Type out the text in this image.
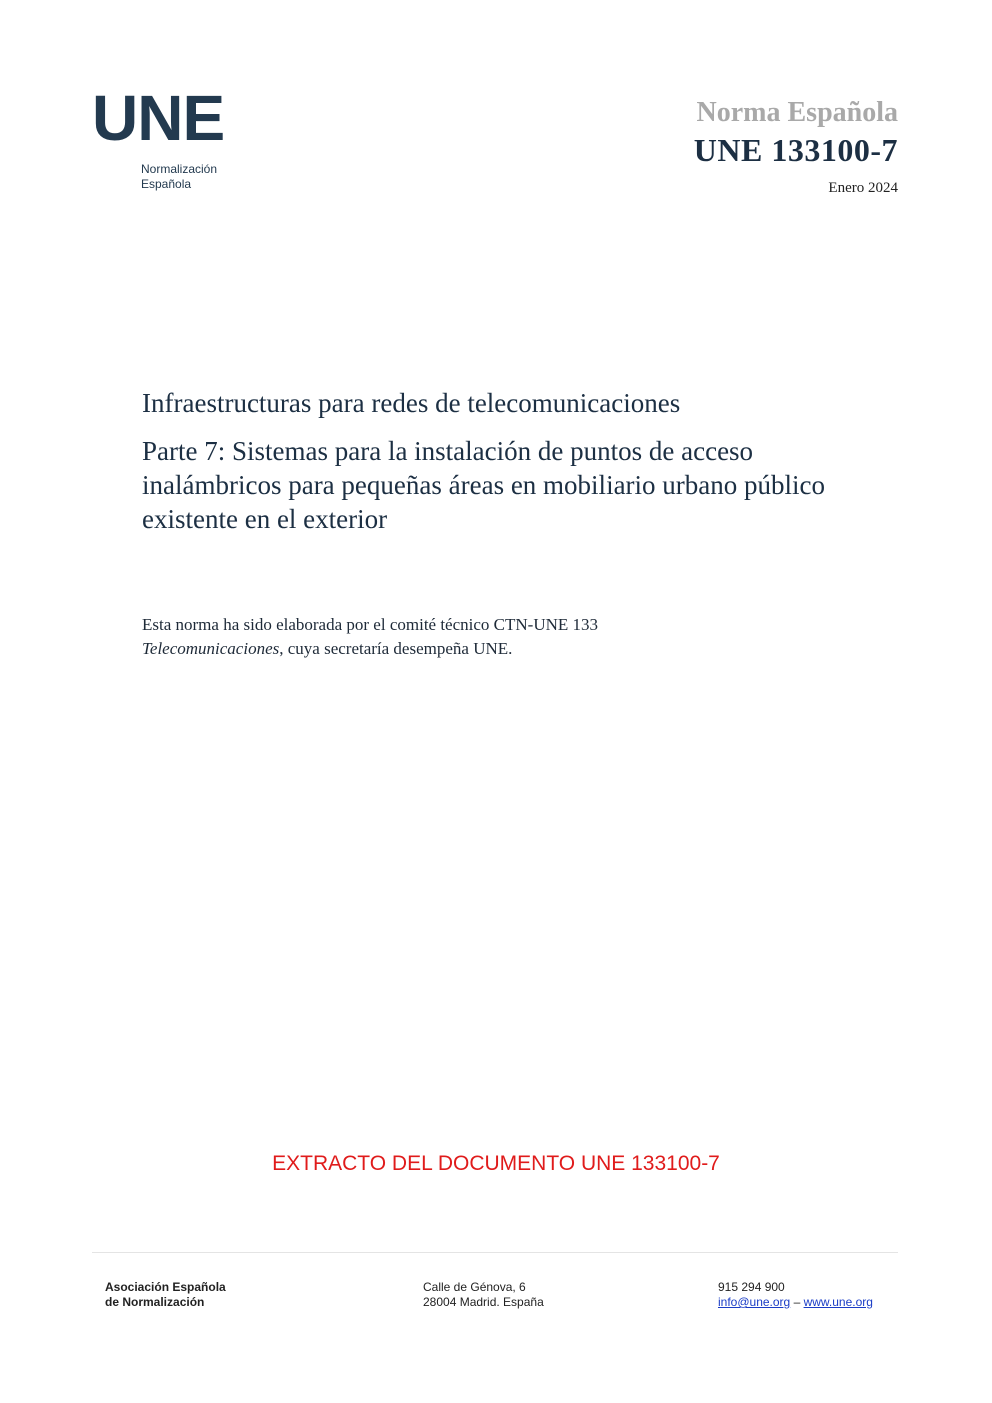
UNE
Normalización
Española
Norma Española
UNE 133100-7
Enero 2024

Infraestructuras para redes de telecomunicaciones

Parte 7: Sistemas para la instalación de puntos de acceso inalámbricos para pequeñas áreas en mobiliario urbano público existente en el exterior

Esta norma ha sido elaborada por el comité técnico CTN-UNE 133 Telecomunicaciones, cuya secretaría desempeña UNE.
EXTRACTO DEL DOCUMENTO UNE 133100-7
Asociación Española
de Normalización
Calle de Génova, 6
28004 Madrid. España
915 294 900
info@une.org – www.une.org
